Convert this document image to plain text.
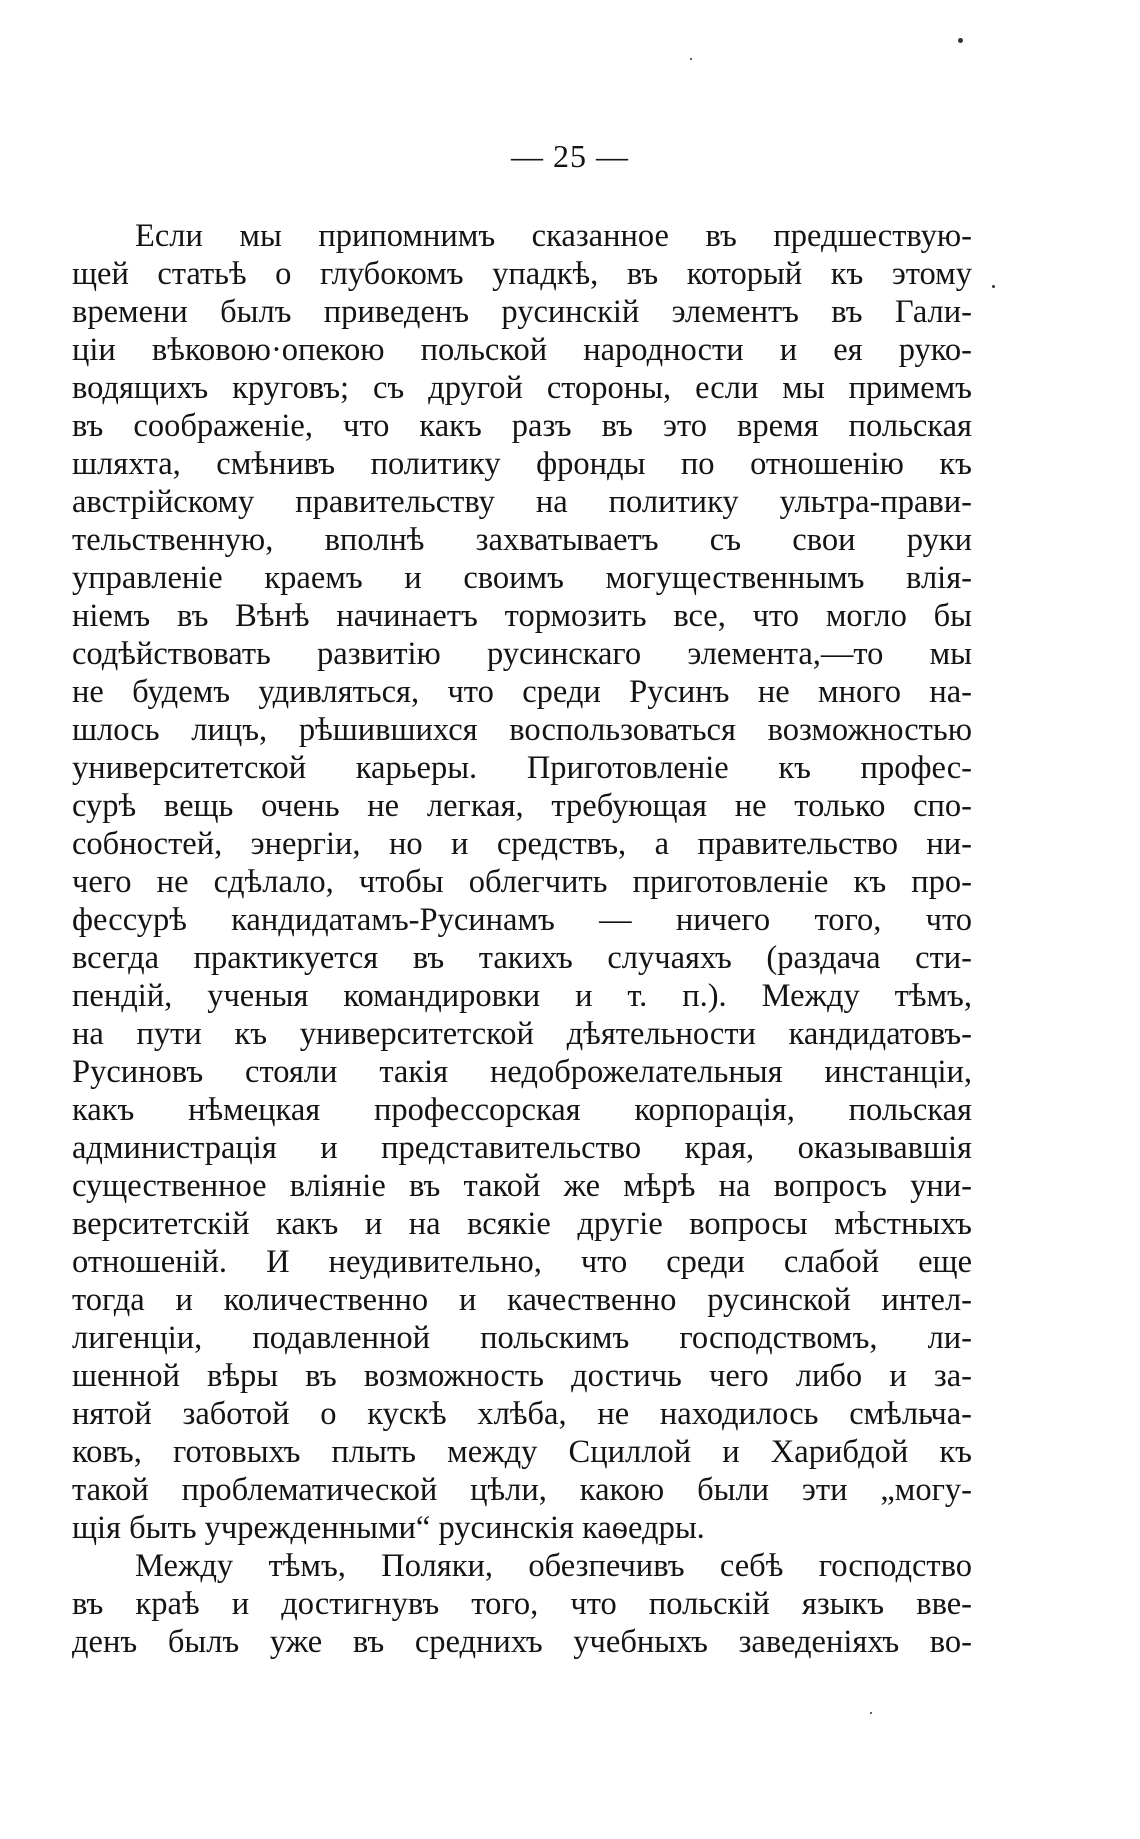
— 25 —
Если мы припомнимъ сказанное въ предшествую-
щей статьѣ о глубокомъ упадкѣ, въ который къ этому
времени былъ приведенъ русинскій элементъ въ Гали-
ціи вѣковою·опекою польской народности и ея руко-
водящихъ круговъ; съ другой стороны, если мы примемъ
въ соображеніе, что какъ разъ въ это время польская
шляхта, смѣнивъ политику фронды по отношенію къ
австрійскому правительству на политику ультра-прави-
тельственную, вполнѣ захватываетъ съ свои руки
управленіе краемъ и своимъ могущественнымъ влія-
ніемъ въ Вѣнѣ начинаетъ тормозить все, что могло бы
содѣйствовать развитію русинскаго элемента,—то мы
не будемъ удивляться, что среди Русинъ не много на-
шлось лицъ, рѣшившихся воспользоваться возможностью
университетской карьеры. Приготовленіе къ профес-
сурѣ вещь очень не легкая, требующая не только спо-
собностей, энергіи, но и средствъ, а правительство ни-
чего не сдѣлало, чтобы облегчить приготовленіе къ про-
фессурѣ кандидатамъ-Русинамъ — ничего того, что
всегда практикуется въ такихъ случаяхъ (раздача сти-
пендій, ученыя командировки и т. п.). Между тѣмъ,
на пути къ университетской дѣятельности кандидатовъ-
Русиновъ стояли такія недоброжелательныя инстанціи,
какъ нѣмецкая профессорская корпорація, польская
администрація и представительство края, оказывавшія
существенное вліяніе въ такой же мѣрѣ на вопросъ уни-
верситетскій какъ и на всякіе другіе вопросы мѣстныхъ
отношеній. И неудивительно, что среди слабой еще
тогда и количественно и качественно русинской интел-
лигенціи, подавленной польскимъ господствомъ, ли-
шенной вѣры въ возможность достичь чего либо и за-
нятой заботой о кускѣ хлѣба, не находилось смѣльча-
ковъ, готовыхъ плыть между Сциллой и Харибдой къ
такой проблематической цѣли, какою были эти „могу-
щія быть учрежденными“ русинскія каѳедры.
Между тѣмъ, Поляки, обезпечивъ себѣ господство
въ краѣ и достигнувъ того, что польскій языкъ вве-
денъ былъ уже въ среднихъ учебныхъ заведеніяхъ во-
